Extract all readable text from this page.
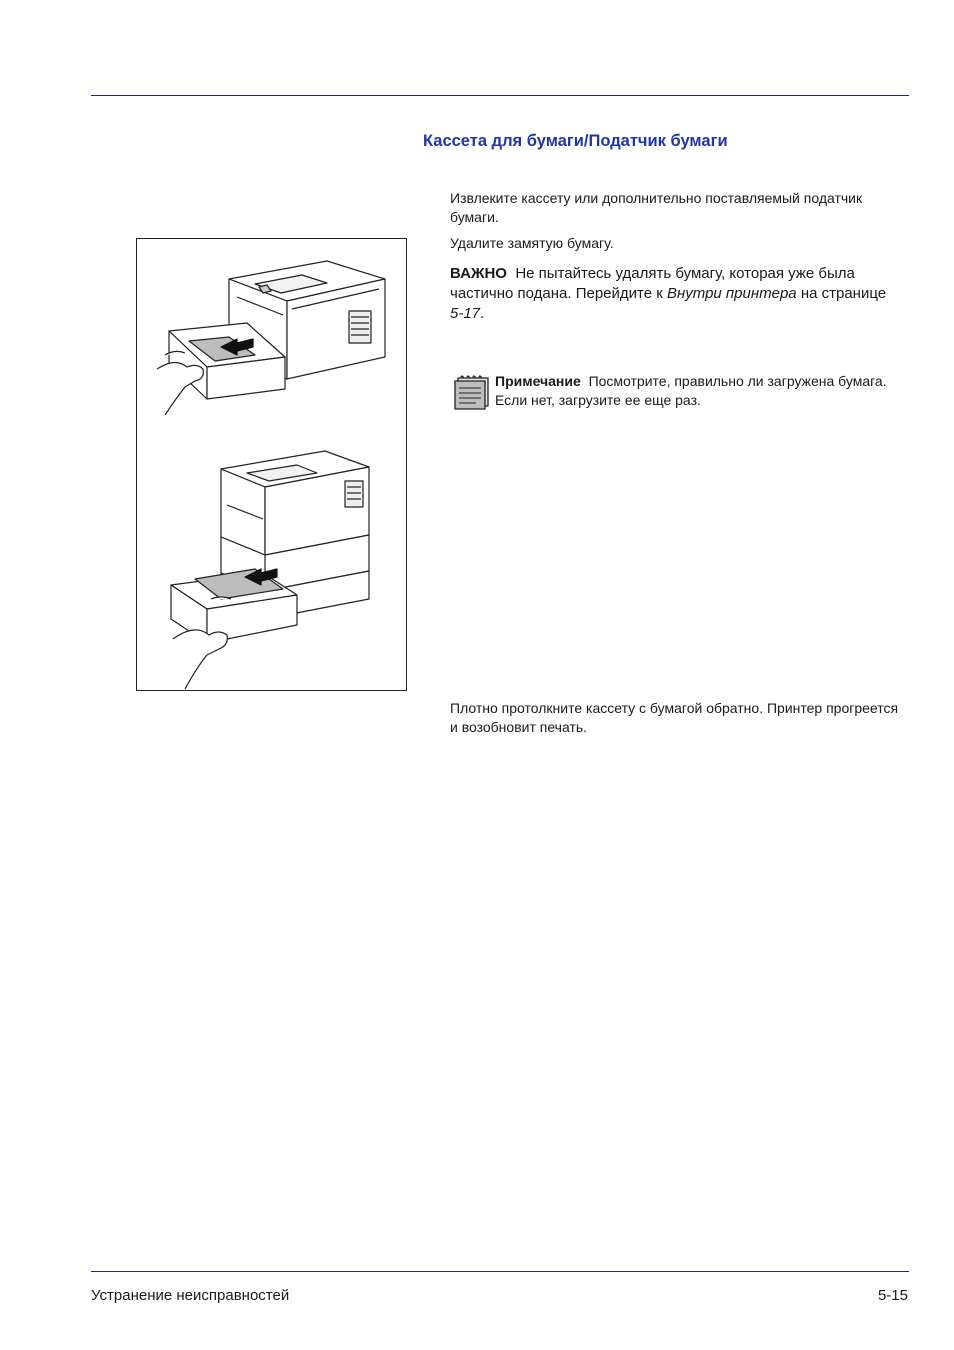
Кассета для бумаги/Податчик бумаги

Извлеките кассету или дополнительно поставляемый податчик бумаги.

Удалите замятую бумагу.

ВАЖНО Не пытайтесь удалять бумагу, которая уже была частично подана. Перейдите к Внутри принтера на странице 5-17.

Примечание Посмотрите, правильно ли загружена бумага. Если нет, загрузите ее еще раз.

Плотно протолкните кассету с бумагой обратно. Принтер прогреется и возобновит печать.

Устранение неисправностей	5-15
